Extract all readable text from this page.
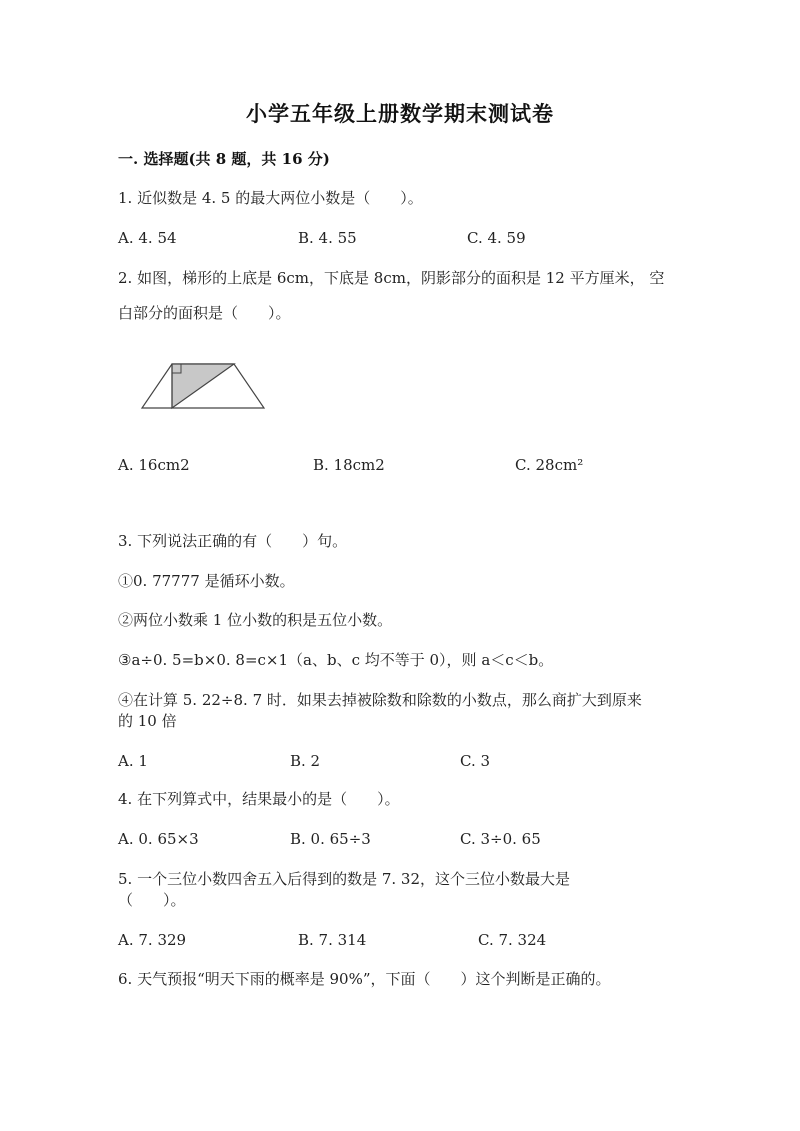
小学五年级上册数学期末测试卷
一. 选择题(共 8 题，共 16 分)
1. 近似数是 4. 5 的最大两位小数是（　　）。
A. 4. 54	B. 4. 55	C. 4. 59
2. 如图，梯形的上底是 6cm，下底是 8cm，阴影部分的面积是 12 平方厘米， 空
白部分的面积是（　　）。
A. 16cm2	B. 18cm2	C. 28cm²
3. 下列说法正确的有（　　）句。
①0. 77777 是循环小数。
②两位小数乘 1 位小数的积是五位小数。
③a÷0. 5=b×0. 8=c×1（a、b、c 均不等于 0），则 a＜c＜b。
④在计算 5. 22÷8. 7 时．如果去掉被除数和除数的小数点，那么商扩大到原来
的 10 倍
A. 1	B. 2	C. 3
4. 在下列算式中，结果最小的是（　　）。
A. 0. 65×3	B. 0. 65÷3	C. 3÷0. 65
5. 一个三位小数四舍五入后得到的数是 7. 32，这个三位小数最大是
（　　）。
A. 7. 329	B. 7. 314	C. 7. 324
6. 天气预报“明天下雨的概率是 90%”，下面（　　）这个判断是正确的。
